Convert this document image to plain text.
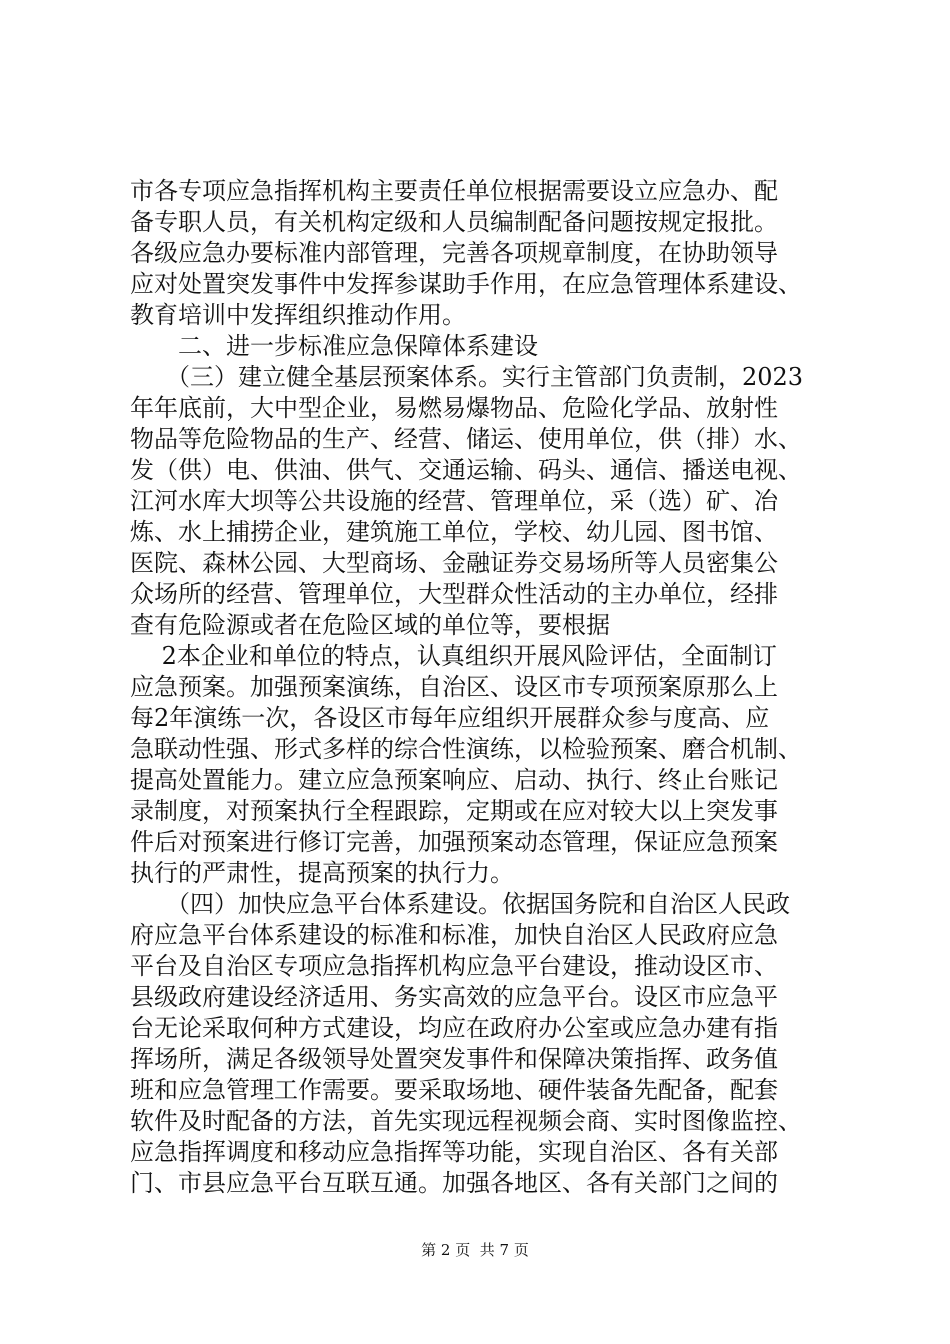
市各专项应急指挥机构主要责任单位根据需要设立应急办、配
备专职人员，有关机构定级和人员编制配备问题按规定报批。
各级应急办要标准内部管理，完善各项规章制度，在协助领导
应对处置突发事件中发挥参谋助手作用，在应急管理体系建设、
教育培训中发挥组织推动作用。
　　二、进一步标准应急保障体系建设
　　（三）建立健全基层预案体系。实行主管部门负责制，2023
年年底前，大中型企业，易燃易爆物品、危险化学品、放射性
物品等危险物品的生产、经营、储运、使用单位，供（排）水、
发（供）电、供油、供气、交通运输、码头、通信、播送电视、
江河水库大坝等公共设施的经营、管理单位，采（选）矿、冶
炼、水上捕捞企业，建筑施工单位，学校、幼儿园、图书馆、
医院、森林公园、大型商场、金融证券交易场所等人员密集公
众场所的经营、管理单位，大型群众性活动的主办单位，经排
查有危险源或者在危险区域的单位等，要根据
　 2本企业和单位的特点，认真组织开展风险评估，全面制订
应急预案。加强预案演练，自治区、设区市专项预案原那么上
每2年演练一次，各设区市每年应组织开展群众参与度高、应
急联动性强、形式多样的综合性演练，以检验预案、磨合机制、
提高处置能力。建立应急预案响应、启动、执行、终止台账记
录制度，对预案执行全程跟踪，定期或在应对较大以上突发事
件后对预案进行修订完善，加强预案动态管理，保证应急预案
执行的严肃性，提高预案的执行力。
　　（四）加快应急平台体系建设。依据国务院和自治区人民政
府应急平台体系建设的标准和标准，加快自治区人民政府应急
平台及自治区专项应急指挥机构应急平台建设，推动设区市、
县级政府建设经济适用、务实高效的应急平台。设区市应急平
台无论采取何种方式建设，均应在政府办公室或应急办建有指
挥场所，满足各级领导处置突发事件和保障决策指挥、政务值
班和应急管理工作需要。要采取场地、硬件装备先配备，配套
软件及时配备的方法，首先实现远程视频会商、实时图像监控、
应急指挥调度和移动应急指挥等功能，实现自治区、各有关部
门、市县应急平台互联互通。加强各地区、各有关部门之间的
第 2 页  共 7 页
